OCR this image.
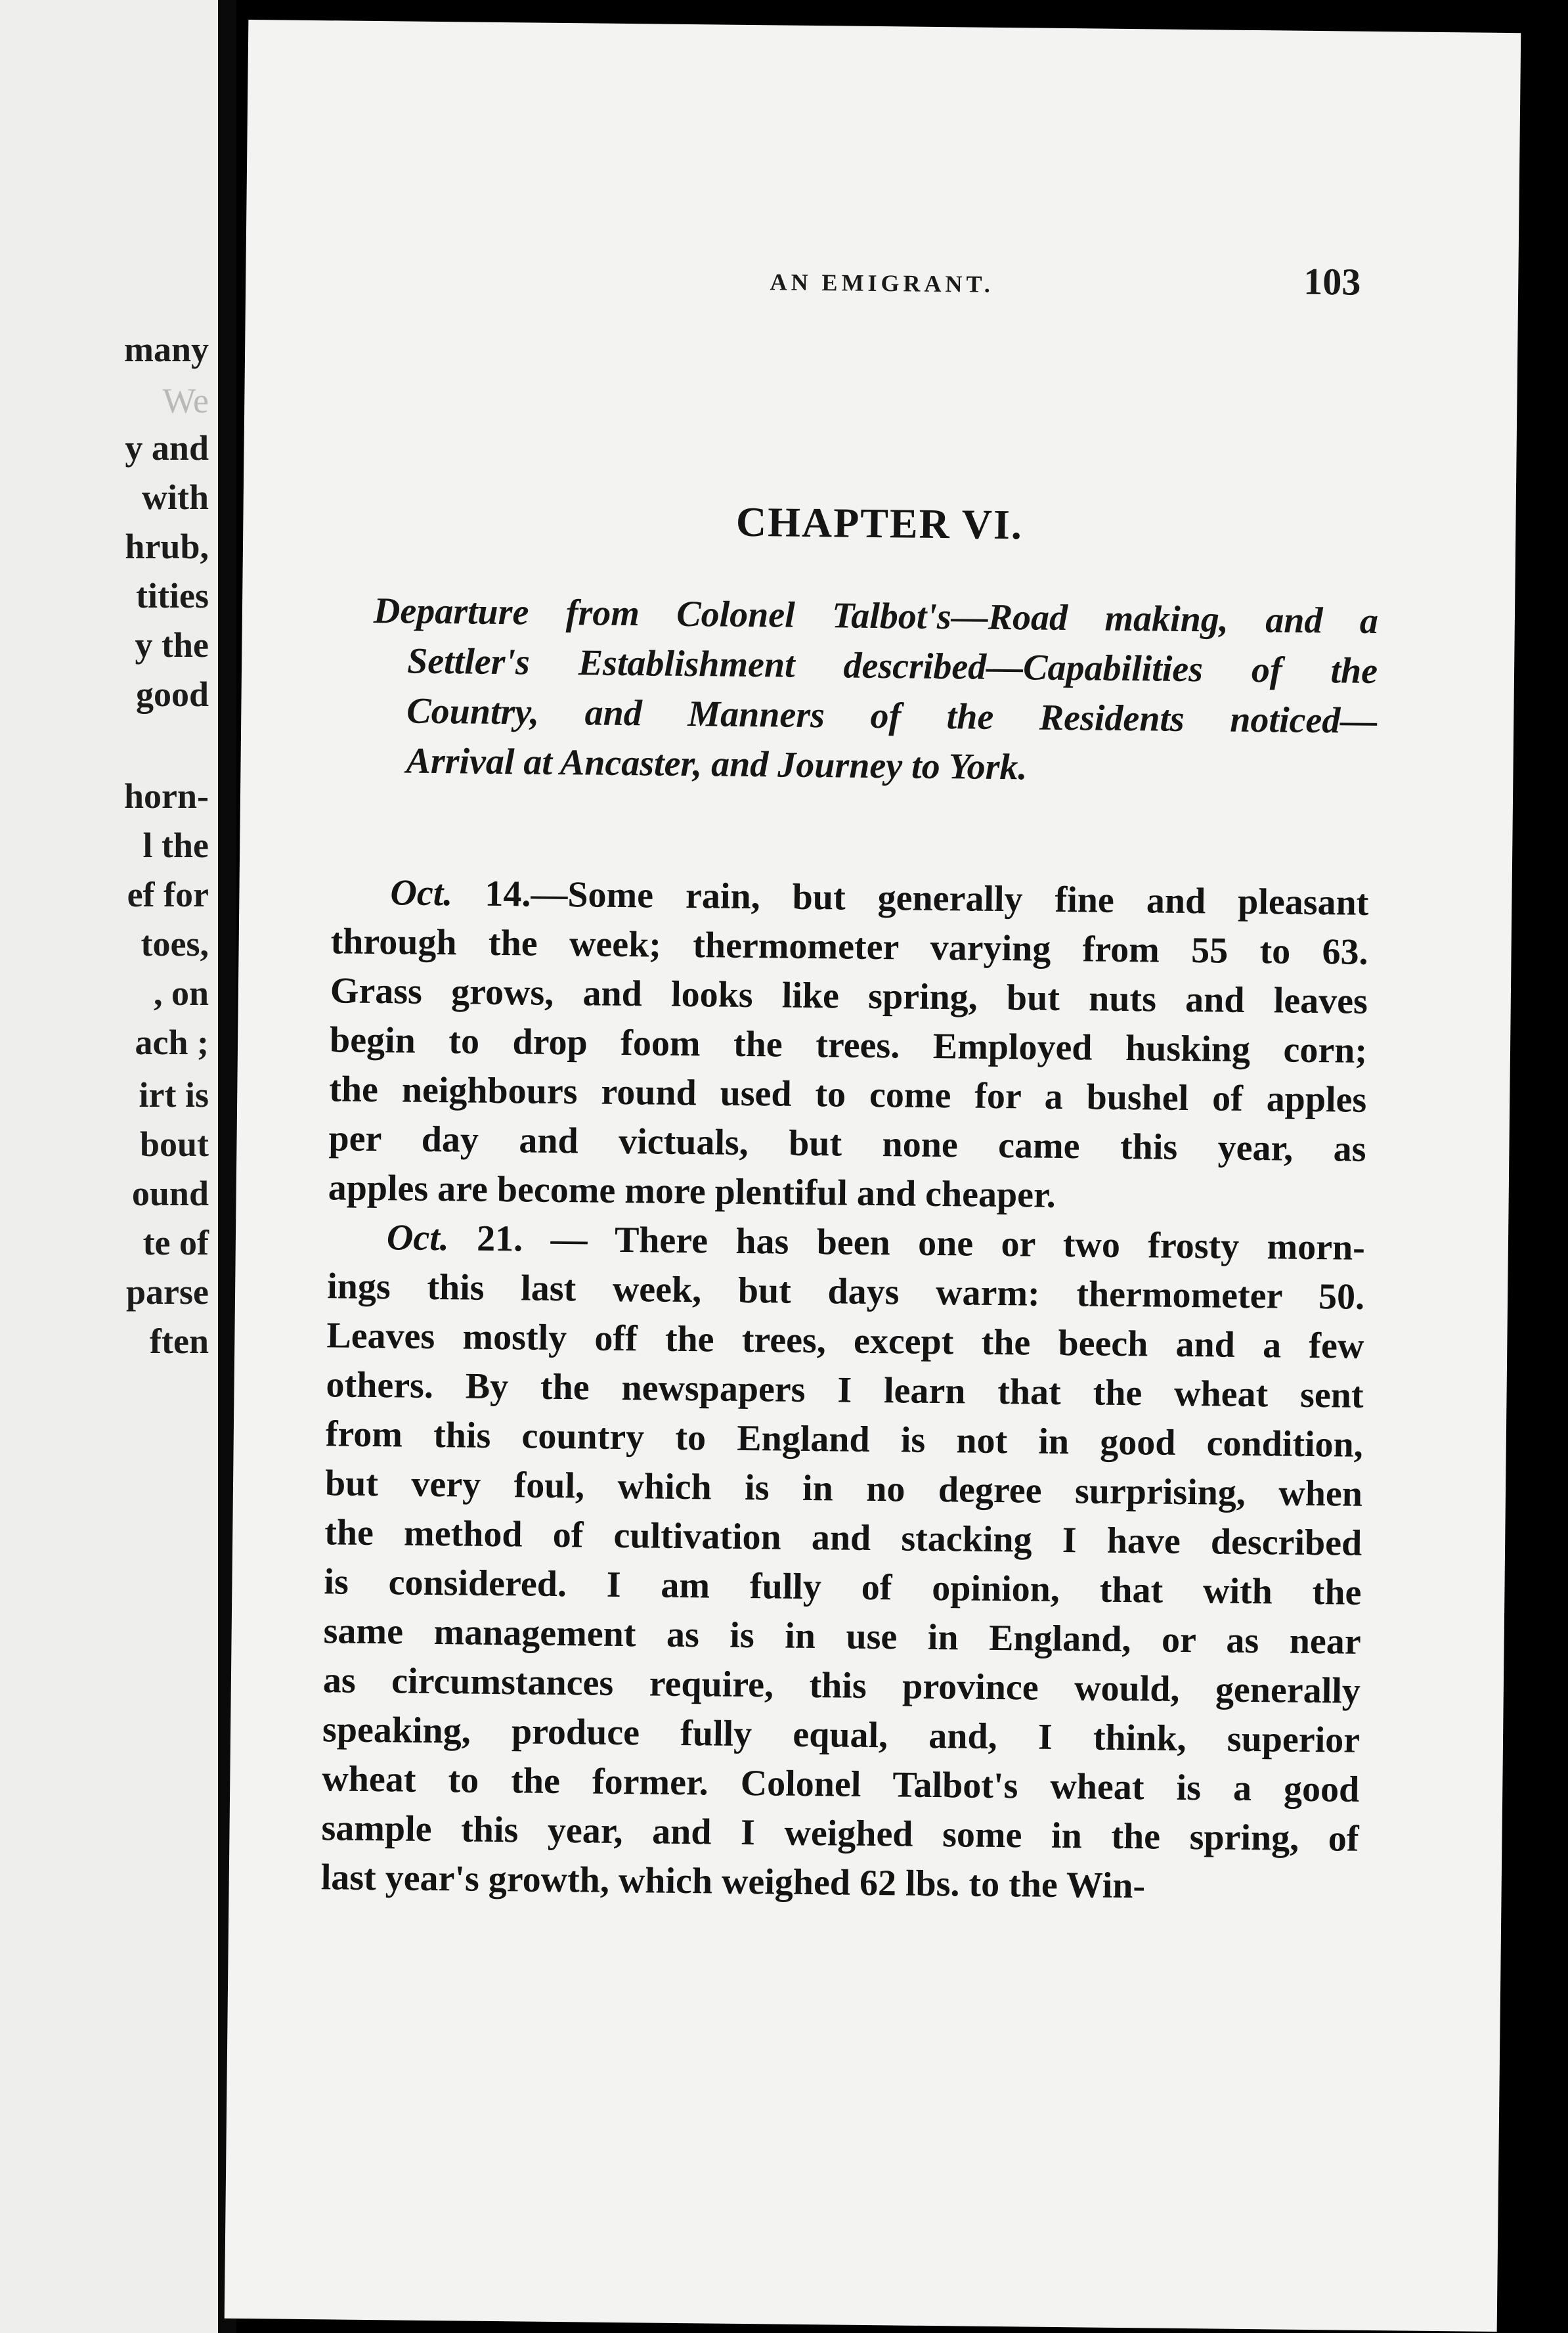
many
We
y and
with
hrub,
tities
y the
good
horn-
l the
ef for
toes,
, on
ach ;
irt is
bout
ound
te of
parse
ften
AN EMIGRANT.	103
CHAPTER VI.
Departure from Colonel Talbot's—Road making, and a
Settler's Establishment described—Capabilities of the
Country, and Manners of the Residents noticed—
Arrival at Ancaster, and Journey to York.
Oct. 14.—Some rain, but generally fine and pleasant
through the week; thermometer varying from 55 to 63.
Grass grows, and looks like spring, but nuts and leaves
begin to drop foom the trees. Employed husking corn;
the neighbours round used to come for a bushel of apples
per day and victuals, but none came this year, as
apples are become more plentiful and cheaper.
Oct. 21. — There has been one or two frosty morn-
ings this last week, but days warm: thermometer 50.
Leaves mostly off the trees, except the beech and a few
others. By the newspapers I learn that the wheat sent
from this country to England is not in good condition,
but very foul, which is in no degree surprising, when
the method of cultivation and stacking I have described
is considered. I am fully of opinion, that with the
same management as is in use in England, or as near
as circumstances require, this province would, generally
speaking, produce fully equal, and, I think, superior
wheat to the former. Colonel Talbot's wheat is a good
sample this year, and I weighed some in the spring, of
last year's growth, which weighed 62 lbs. to the Win-
